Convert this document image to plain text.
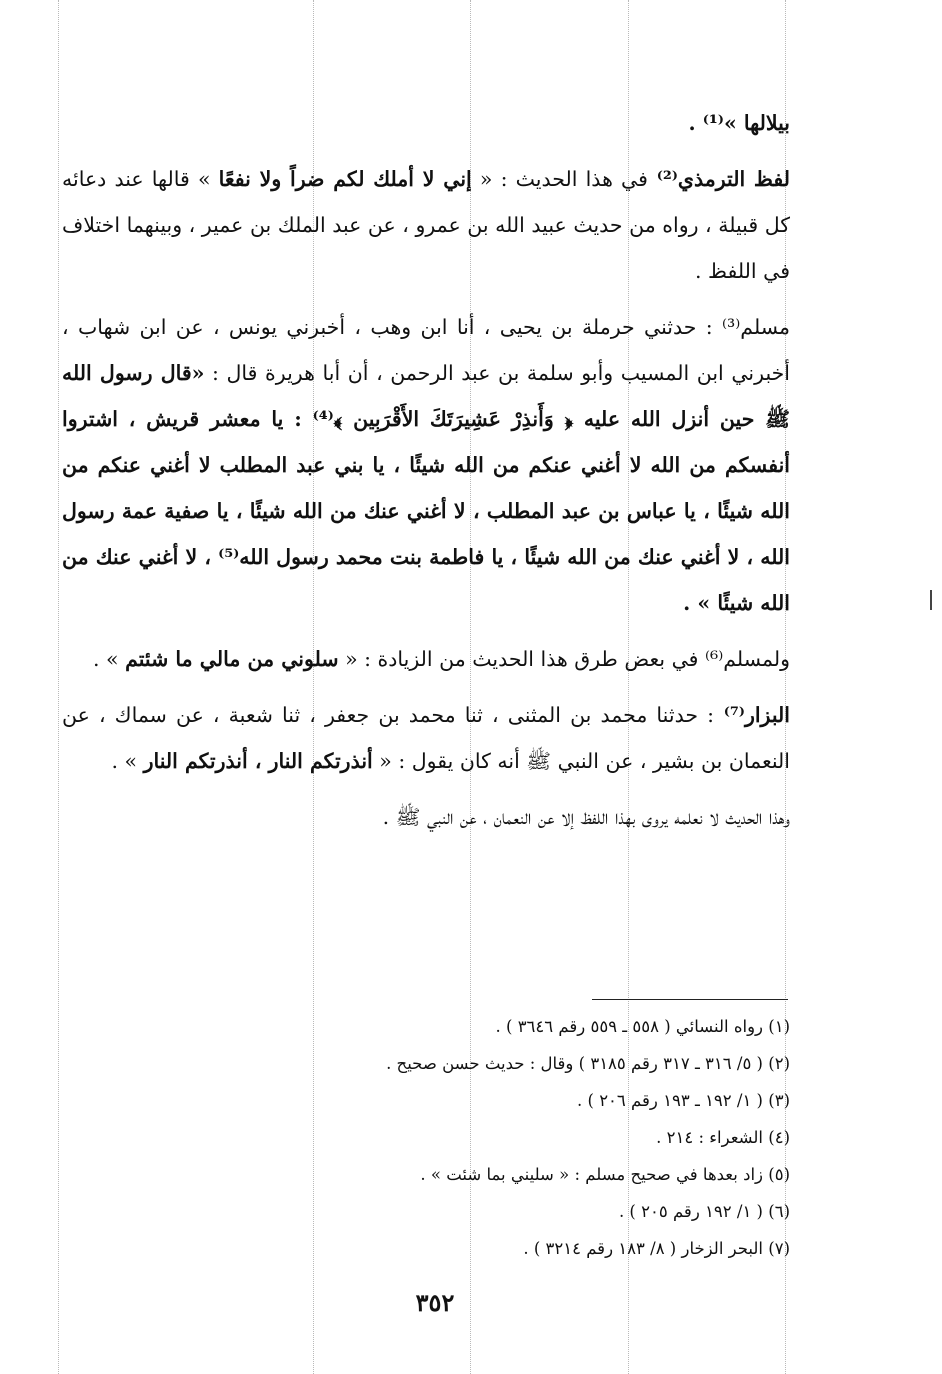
بيلالها »⁽¹⁾ .

لفظ الترمذي⁽²⁾ في هذا الحديث : « إني لا أملك لكم ضراً ولا نفعًا » قالها عند دعائه كل قبيلة ، رواه من حديث عبيد الله بن عمرو ، عن عبد الملك بن عمير ، وبينهما اختلاف في اللفظ .

مسلم⁽³⁾ : حدثني حرملة بن يحيى ، أنا ابن وهب ، أخبرني يونس ، عن ابن شهاب ، أخبرني ابن المسيب وأبو سلمة بن عبد الرحمن ، أن أبا هريرة قال : «قال رسول الله ﷺ حين أنزل الله عليه ﴿ وَأَنذِرْ عَشِيرَتَكَ الأَقْرَبِين ﴾⁽⁴⁾ : يا معشر قريش ، اشتروا أنفسكم من الله لا أغني عنكم من الله شيئًا ، يا بني عبد المطلب لا أغني عنكم من الله شيئًا ، يا عباس بن عبد المطلب ، لا أغني عنك من الله شيئًا ، يا صفية عمة رسول الله ، لا أغني عنك من الله شيئًا ، يا فاطمة بنت محمد رسول الله⁽⁵⁾ ، لا أغني عنك من الله شيئًا » .

ولمسلم⁽⁶⁾ في بعض طرق هذا الحديث من الزيادة : « سلوني من مالي ما شئتم » .

البزار⁽⁷⁾ : حدثنا محمد بن المثنى ، ثنا محمد بن جعفر ، ثنا شعبة ، عن سماك ، عن النعمان بن بشير ، عن النبي ﷺ أنه كان يقول : « أنذرتكم النار ، أنذرتكم النار » .

وهذا الحديث لا نعلمه يروى بهذا اللفظ إلا عن النعمان ، عن النبي ﷺ .

(١) رواه النسائي ( ٥٥٨ ـ ٥٥٩ رقم ٣٦٤٦ ) .
(٢) ( ٥/ ٣١٦ ـ ٣١٧ رقم ٣١٨٥ ) وقال : حديث حسن صحيح .
(٣) ( ١/ ١٩٢ ـ ١٩٣ رقم ٢٠٦ ) .
(٤) الشعراء : ٢١٤ .
(٥) زاد بعدها في صحيح مسلم : « سليني بما شئت » .
(٦) ( ١/ ١٩٢ رقم ٢٠٥ ) .
(٧) البحر الزخار ( ٨/ ١٨٣ رقم ٣٢١٤ ) .
٣٥٢
